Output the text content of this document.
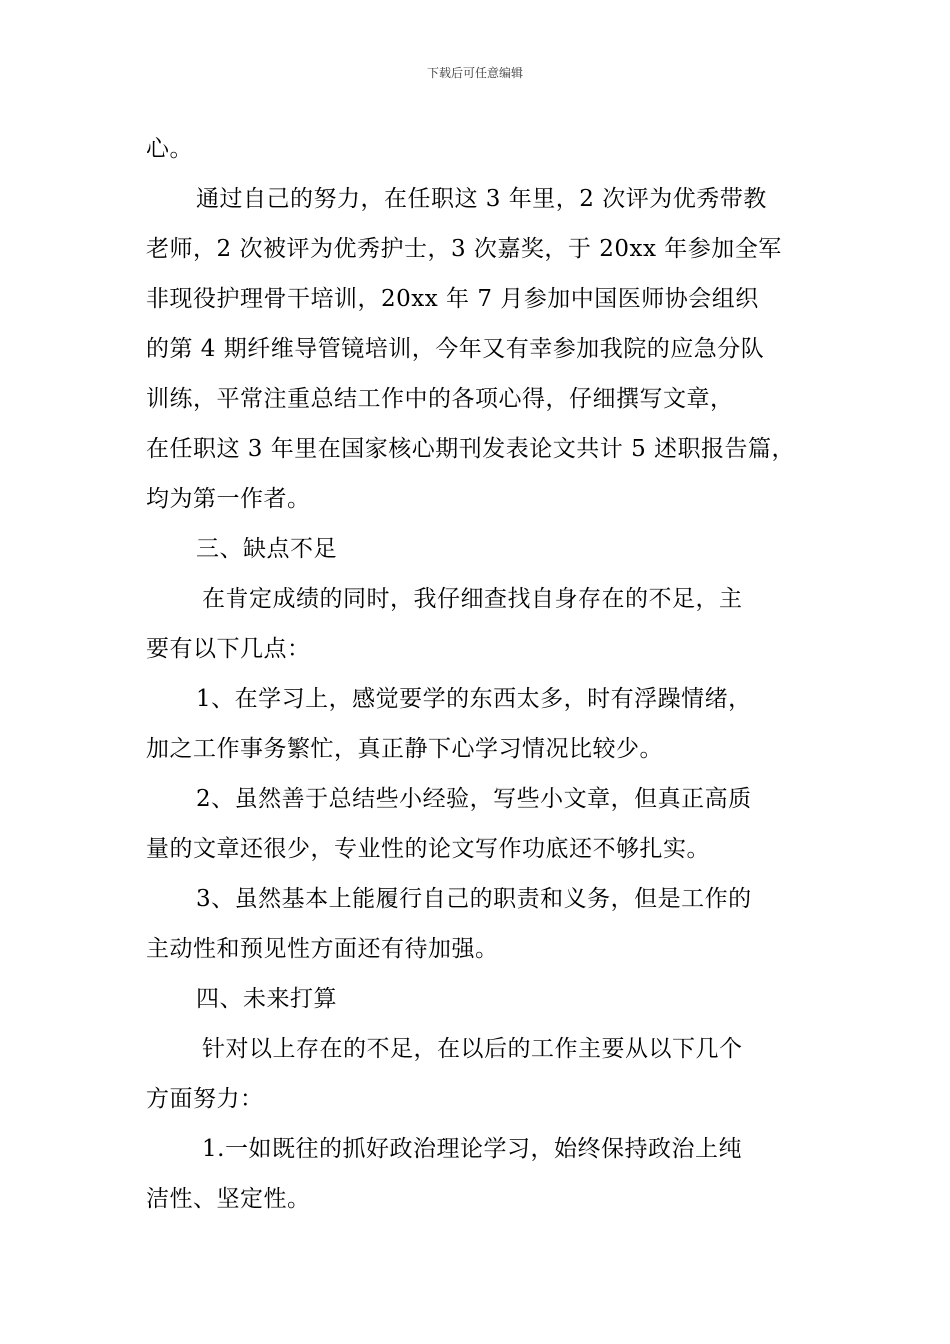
下载后可任意编辑
心。
通过自己的努力，在任职这 3 年里，2 次评为优秀带教
老师，2 次被评为优秀护士，3 次嘉奖，于 20xx 年参加全军
非现役护理骨干培训，20xx 年 7 月参加中国医师协会组织
的第 4 期纤维导管镜培训，今年又有幸参加我院的应急分队
训练，平常注重总结工作中的各项心得，仔细撰写文章，
在任职这 3 年里在国家核心期刊发表论文共计 5 述职报告篇，
均为第一作者。
三、缺点不足
在肯定成绩的同时，我仔细查找自身存在的不足，主
要有以下几点：
1、在学习上，感觉要学的东西太多，时有浮躁情绪，
加之工作事务繁忙，真正静下心学习情况比较少。
2、虽然善于总结些小经验，写些小文章，但真正高质
量的文章还很少，专业性的论文写作功底还不够扎实。
3、虽然基本上能履行自己的职责和义务，但是工作的
主动性和预见性方面还有待加强。
四、未来打算
针对以上存在的不足，在以后的工作主要从以下几个
方面努力：
1.一如既往的抓好政治理论学习，始终保持政治上纯
洁性、坚定性。
